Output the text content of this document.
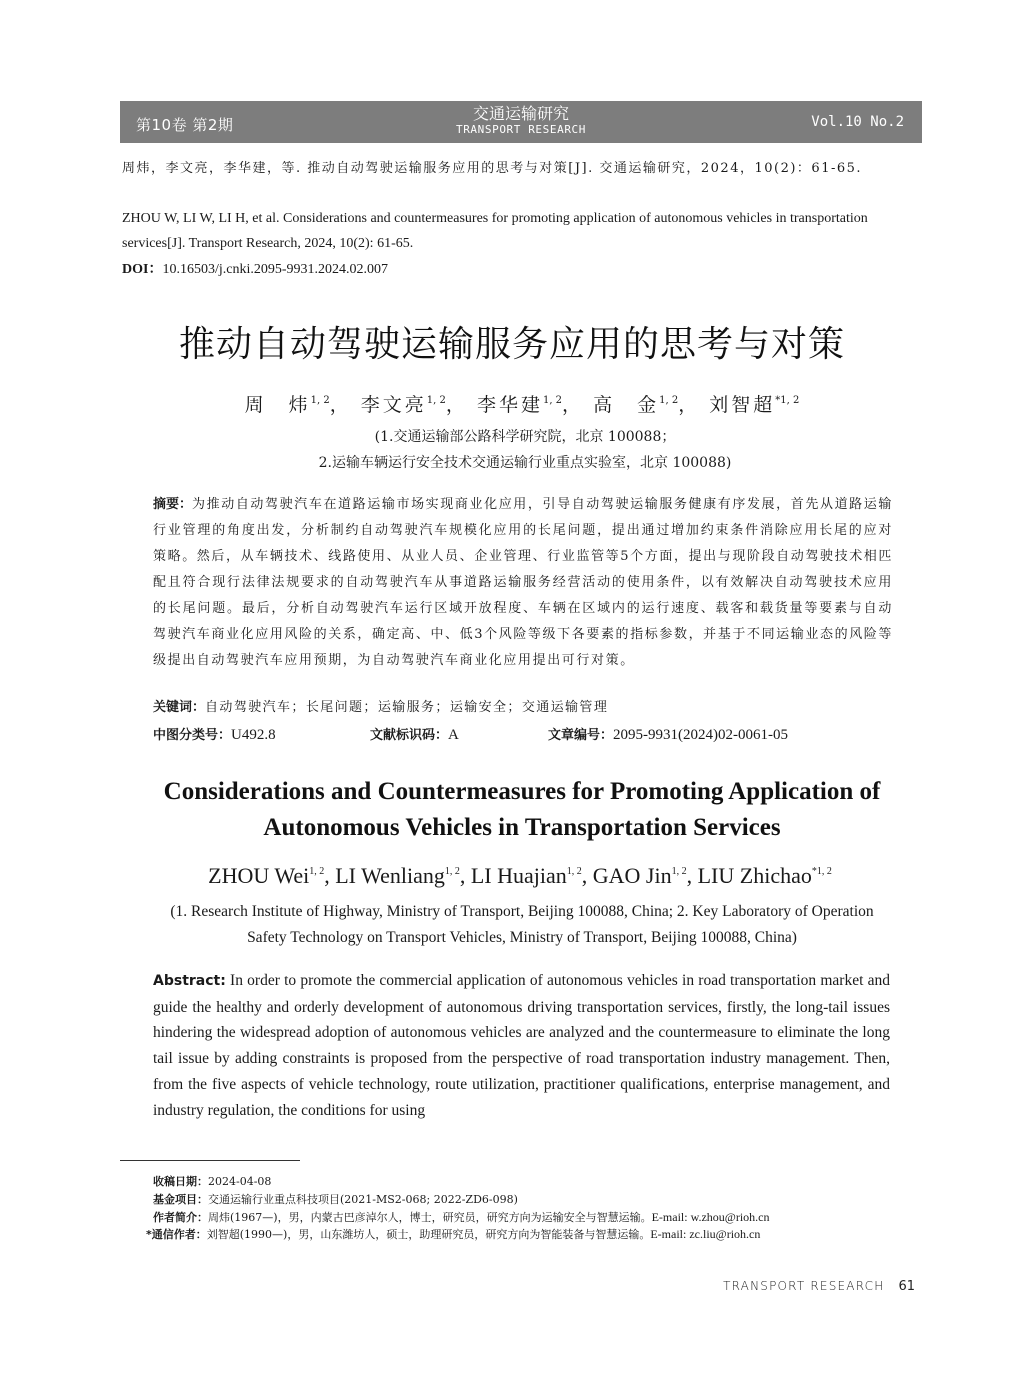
第10卷 第2期
交通运输研究
TRANSPORT RESEARCH	Vol.10 No.2
周炜，李文亮，李华建，等. 推动自动驾驶运输服务应用的思考与对策[J]. 交通运输研究，2024，10(2)：61-65.
ZHOU W, LI W, LI H, et al. Considerations and countermeasures for promoting application of autonomous vehicles in transportation services[J]. Transport Research, 2024, 10(2): 61-65.
DOI：10.16503/j.cnki.2095-9931.2024.02.007
推动自动驾驶运输服务应用的思考与对策
周　炜$^{1, 2}$， 李文亮$^{1, 2}$， 李华建$^{1, 2}$， 高　金$^{1, 2}$， 刘智超$^{*1, 2}$
(1.交通运输部公路科学研究院，北京 100088；
2.运输车辆运行安全技术交通运输行业重点实验室，北京 100088)
摘要：为推动自动驾驶汽车在道路运输市场实现商业化应用，引导自动驾驶运输服务健康有序发展，首先从道路运输行业管理的角度出发，分析制约自动驾驶汽车规模化应用的长尾问题，提出通过增加约束条件消除应用长尾的应对策略。然后，从车辆技术、线路使用、从业人员、企业管理、行业监管等5个方面，提出与现阶段自动驾驶技术相匹配且符合现行法律法规要求的自动驾驶汽车从事道路运输服务经营活动的使用条件，以有效解决自动驾驶技术应用的长尾问题。最后，分析自动驾驶汽车运行区域开放程度、车辆在区域内的运行速度、载客和载货量等要素与自动驾驶汽车商业化应用风险的关系，确定高、中、低3个风险等级下各要素的指标参数，并基于不同运输业态的风险等级提出自动驾驶汽车应用预期，为自动驾驶汽车商业化应用提出可行对策。
关键词：自动驾驶汽车；长尾问题；运输服务；运输安全；交通运输管理
中图分类号：U492.8	文献标识码：A	文章编号：2095-9931(2024)02-0061-05
Considerations and Countermeasures for Promoting Application of Autonomous Vehicles in Transportation Services
ZHOU Wei$^{1, 2}$, LI Wenliang$^{1, 2}$, LI Huajian$^{1, 2}$, GAO Jin$^{1, 2}$, LIU Zhichao$^{*1, 2}$
(1. Research Institute of Highway, Ministry of Transport, Beijing 100088, China; 2. Key Laboratory of Operation Safety Technology on Transport Vehicles, Ministry of Transport, Beijing 100088, China)
Abstract: In order to promote the commercial application of autonomous vehicles in road transportation market and guide the healthy and orderly development of autonomous driving transportation services, firstly, the long-tail issues hindering the widespread adoption of autonomous vehicles are analyzed and the countermeasure to eliminate the long tail issue by adding constraints is proposed from the perspective of road transportation industry management. Then, from the five aspects of vehicle technology, route utilization, practitioner qualifications, enterprise management, and industry regulation, the conditions for using
收稿日期：2024-04-08
基金项目：交通运输行业重点科技项目(2021-MS2-068; 2022-ZD6-098)
作者简介：周炜(1967—)，男，内蒙古巴彦淖尔人，博士，研究员，研究方向为运输安全与智慧运输。E-mail: w.zhou@rioh.cn
*通信作者：刘智超(1990—)，男，山东潍坊人，硕士，助理研究员，研究方向为智能装备与智慧运输。E-mail: zc.liu@rioh.cn
TRANSPORT RESEARCH 61
